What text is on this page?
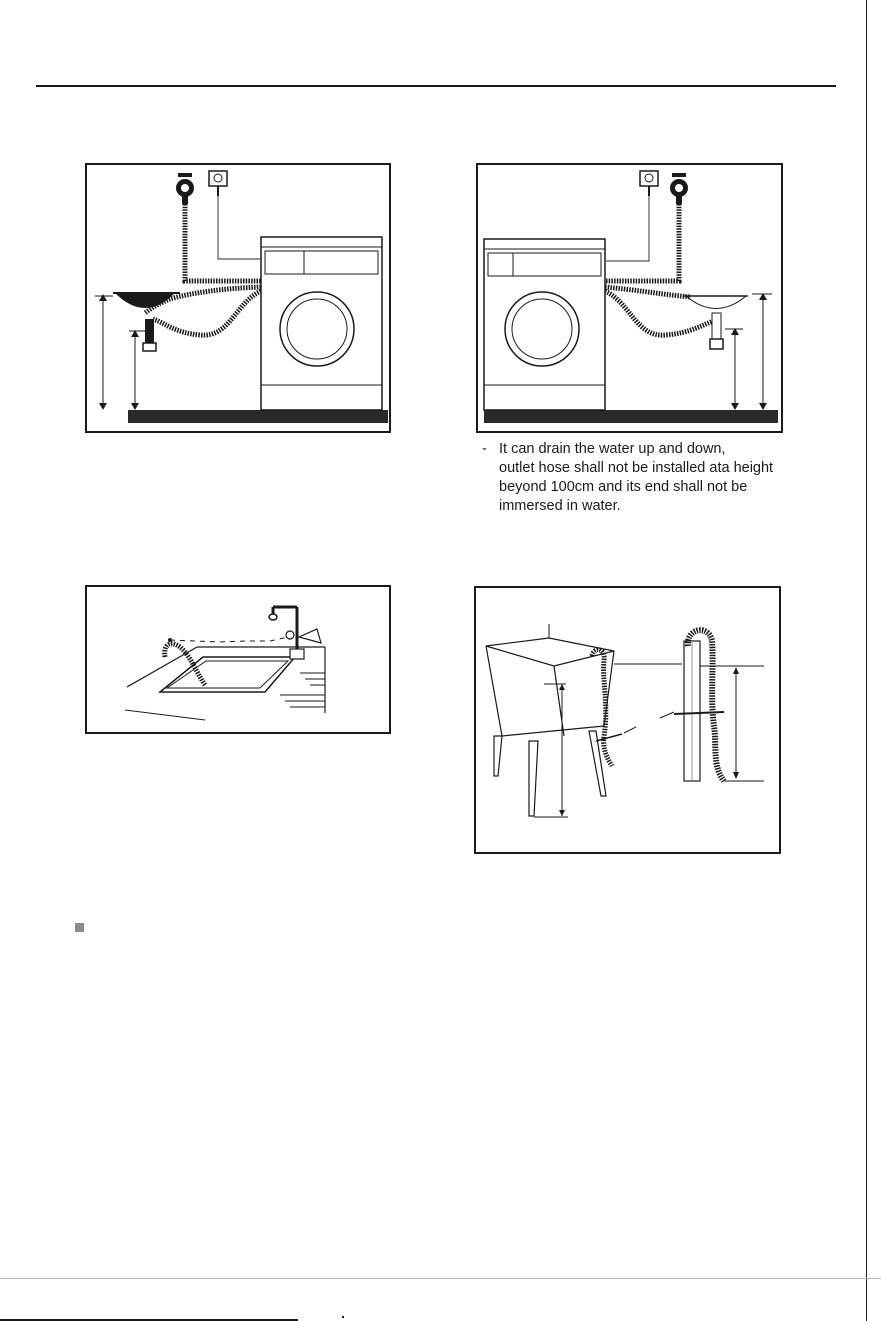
- It can drain the water up and down,
outlet hose shall not be installed ata height
beyond 100cm and its end shall not be
immersed in water.
